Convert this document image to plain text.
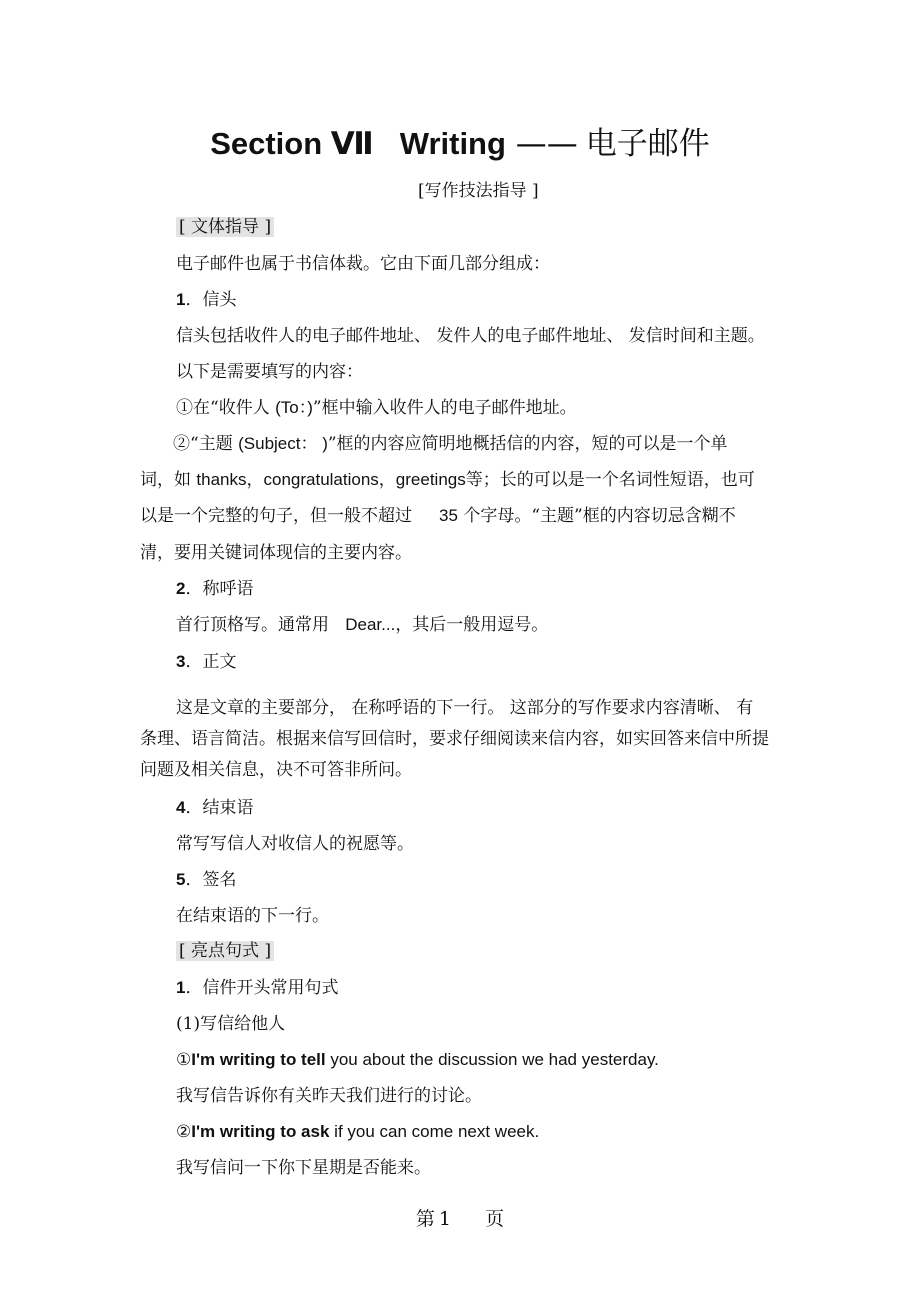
Section Ⅶ Writing —— 电子邮件
[写作技法指导 ]
[ 文体指导 ]
电子邮件也属于书信体裁。它由下面几部分组成：
1．信头
信头包括收件人的电子邮件地址、 发件人的电子邮件地址、 发信时间和主题。
以下是需要填写的内容：
①在“收件人 (To：)”框中输入收件人的电子邮件地址。
②“主题 (Subject： )”框的内容应简明地概括信的内容，短的可以是一个单
词，如 thanks，congratulations，greetings等；长的可以是一个名词性短语，也可
以是一个完整的句子，但一般不超过 35 个字母。“主题”框的内容切忌含糊不
清，要用关键词体现信的主要内容。
2．称呼语
首行顶格写。通常用 Dear...，其后一般用逗号。
3．正文
这是文章的主要部分， 在称呼语的下一行。 这部分的写作要求内容清晰、 有
条理、语言简洁。根据来信写回信时，要求仔细阅读来信内容，如实回答来信中所提
问题及相关信息，决不可答非所问。
4．结束语
常写写信人对收信人的祝愿等。
5．签名
在结束语的下一行。
[ 亮点句式 ]
1．信件开头常用句式
(1)写信给他人
①I'm writing to tell you about the discussion we had yesterday.
我写信告诉你有关昨天我们进行的讨论。
②I'm writing to ask if you can come next week.
我写信问一下你下星期是否能来。
第 1 页
